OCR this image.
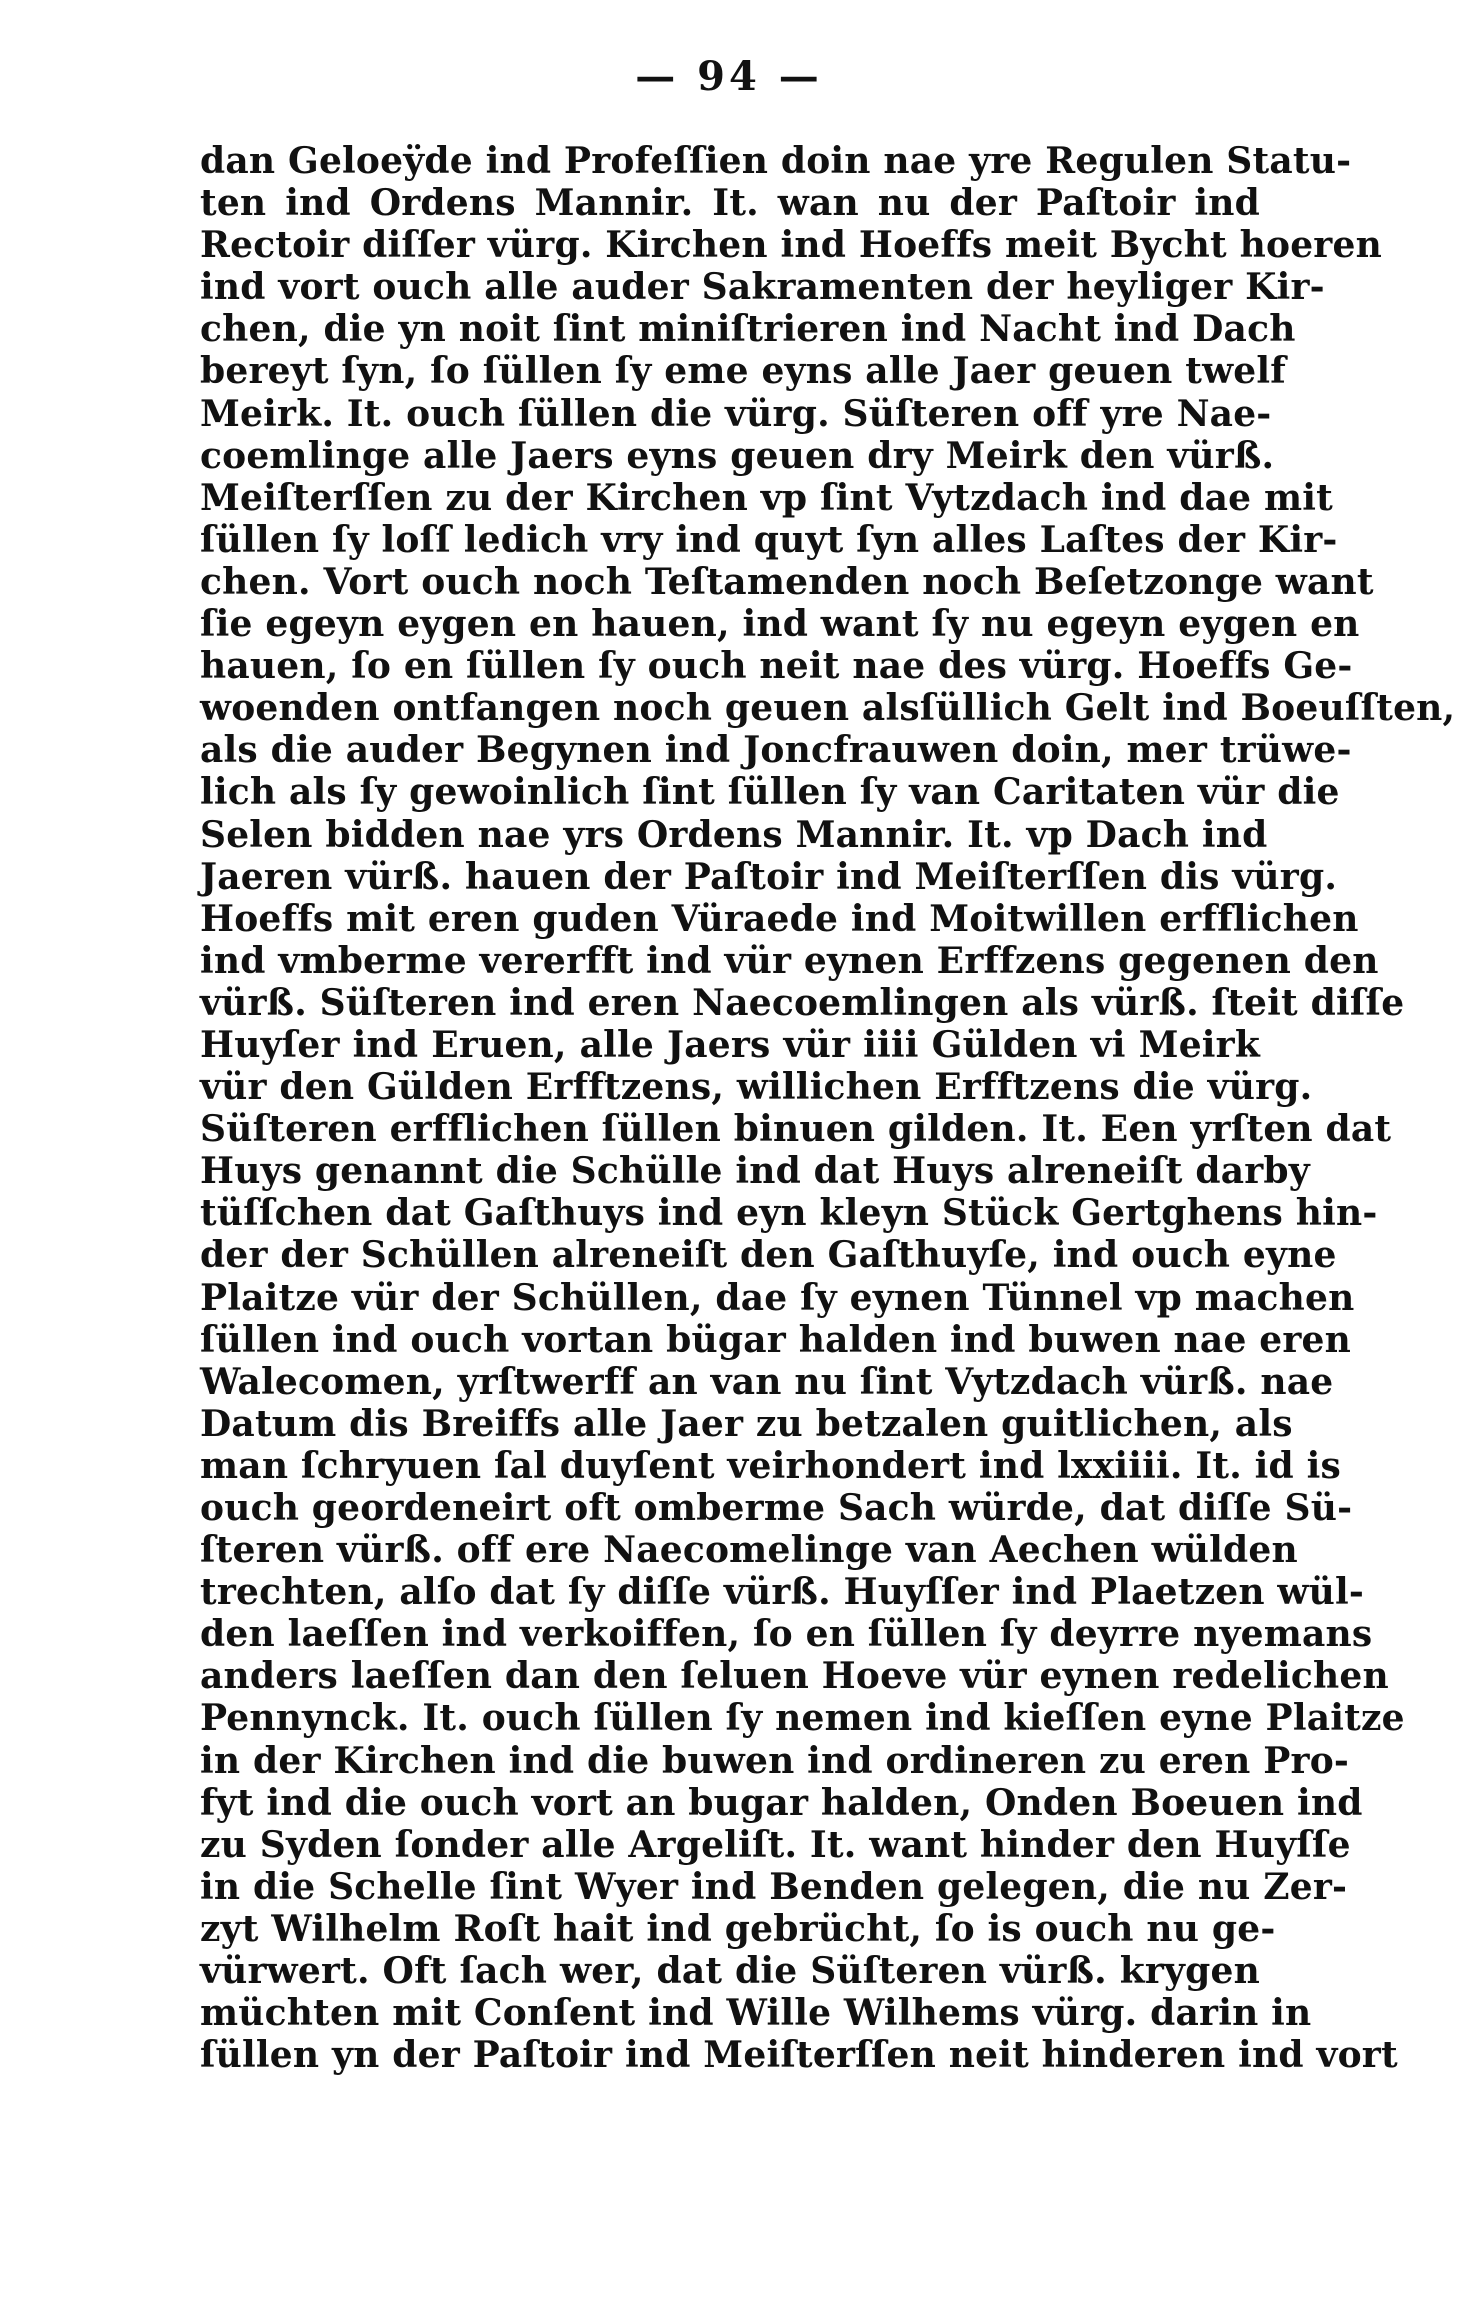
— 94 —
dan Geloeÿde ind Profeſſien doin nae yre Regulen Statu-
ten ind Ordens Mannir. It. wan nu der Paſtoir ind
Rectoir diſſer vürg. Kirchen ind Hoeffs meit Bycht hoeren
ind vort ouch alle auder Sakramenten der heyliger Kir-
chen, die yn noit ſint miniſtrieren ind Nacht ind Dach
bereyt ſyn, ſo ſüllen ſy eme eyns alle Jaer geuen twelf
Meirk. It. ouch ſüllen die vürg. Süſteren off yre Nae-
coemlinge alle Jaers eyns geuen dry Meirk den vürß.
Meiſterſſen zu der Kirchen vp ſint Vytzdach ind dae mit
ſüllen ſy loſſ ledich vry ind quyt ſyn alles Laſtes der Kir-
chen. Vort ouch noch Teſtamenden noch Beſetzonge want
ſie egeyn eygen en hauen, ind want ſy nu egeyn eygen en
hauen, ſo en ſüllen ſy ouch neit nae des vürg. Hoeffs Ge-
woenden ontfangen noch geuen alsſüllich Gelt ind Boeuſſten,
als die auder Begynen ind Joncfrauwen doin, mer trüwe-
lich als ſy gewoinlich ſint ſüllen ſy van Caritaten vür die
Selen bidden nae yrs Ordens Mannir. It. vp Dach ind
Jaeren vürß. hauen der Paſtoir ind Meiſterſſen dis vürg.
Hoeffs mit eren guden Vüraede ind Moitwillen erfflichen
ind vmberme vererfft ind vür eynen Erffzens gegenen den
vürß. Süſteren ind eren Naecoemlingen als vürß. ſteit diſſe
Huyſer ind Eruen, alle Jaers vür iiii Gülden vi Meirk
vür den Gülden Erfftzens, willichen Erfftzens die vürg.
Süſteren erfflichen ſüllen binuen gilden. It. Een yrſten dat
Huys genannt die Schülle ind dat Huys alreneiſt darby
tüſſchen dat Gaſthuys ind eyn kleyn Stück Gertghens hin-
der der Schüllen alreneiſt den Gaſthuyſe, ind ouch eyne
Plaitze vür der Schüllen, dae ſy eynen Tünnel vp machen
ſüllen ind ouch vortan bügar halden ind buwen nae eren
Walecomen, yrſtwerff an van nu ſint Vytzdach vürß. nae
Datum dis Breiffs alle Jaer zu betzalen guitlichen, als
man ſchryuen ſal duyſent veirhondert ind lxxiiii. It. id is
ouch geordeneirt oft omberme Sach würde, dat diſſe Sü-
ſteren vürß. off ere Naecomelinge van Aechen wülden
trechten, alſo dat ſy diſſe vürß. Huyſſer ind Plaetzen wül-
den laeſſen ind verkoiffen, ſo en ſüllen ſy deyrre nyemans
anders laeſſen dan den ſeluen Hoeve vür eynen redelichen
Pennynck. It. ouch ſüllen ſy nemen ind kieſſen eyne Plaitze
in der Kirchen ind die buwen ind ordineren zu eren Pro-
fyt ind die ouch vort an bugar halden, Onden Boeuen ind
zu Syden ſonder alle Argeliſt. It. want hinder den Huyſſe
in die Schelle ſint Wyer ind Benden gelegen, die nu Zer-
zyt Wilhelm Roſt hait ind gebrücht, ſo is ouch nu ge-
vürwert. Oft ſach wer, dat die Süſteren vürß. krygen
müchten mit Conſent ind Wille Wilhems vürg. darin in
ſüllen yn der Paſtoir ind Meiſterſſen neit hinderen ind vort
